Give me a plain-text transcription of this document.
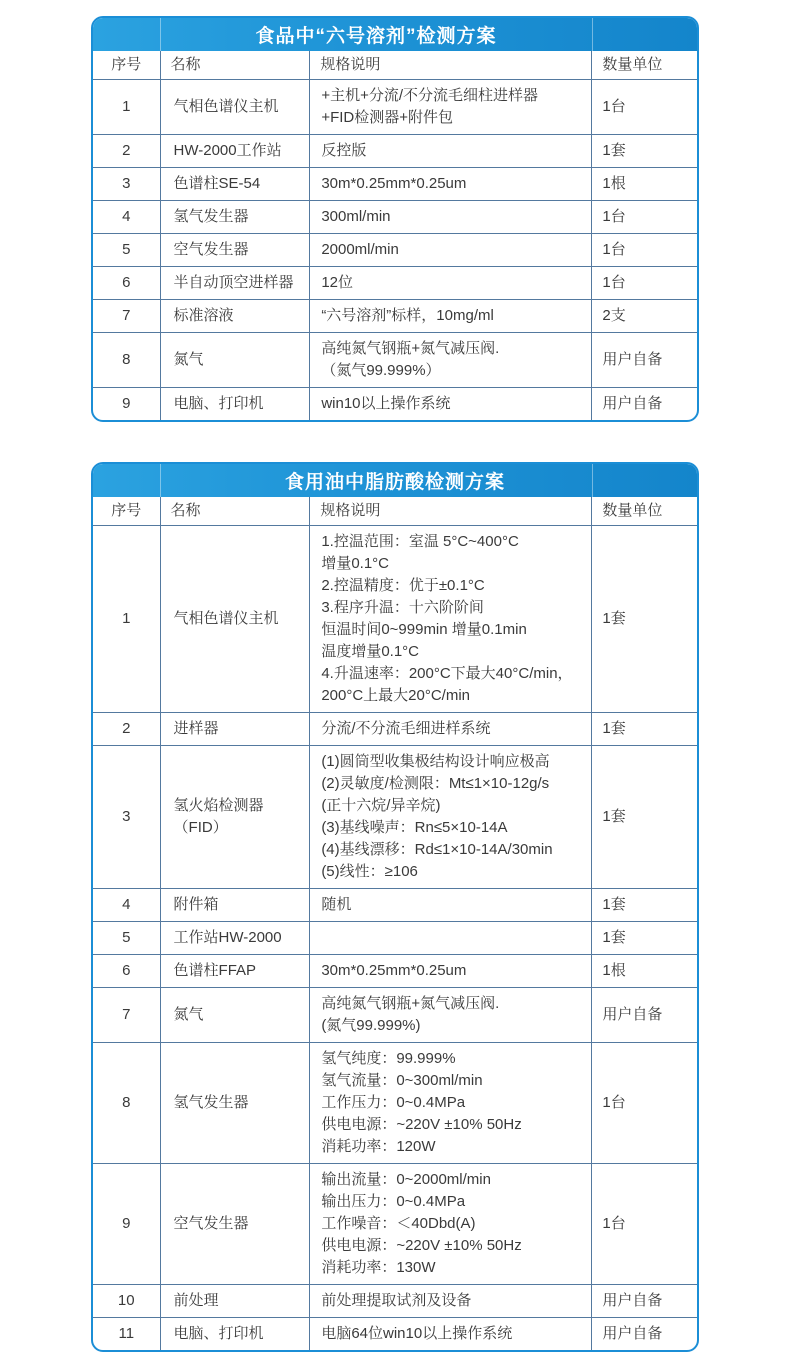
食品中“六号溶剂”检测方案
序号	名称	规格说明	数量单位
1	气相色谱仪主机	+主机+分流/不分流毛细柱进样器
+FID检测器+附件包	1台
2	HW-2000工作站	反控版	1套
3	色谱柱SE-54	30m*0.25mm*0.25um	1根
4	氢气发生器	300ml/min	1台
5	空气发生器	2000ml/min	1台
6	半自动顶空进样器	12位	1台
7	标准溶液	“六号溶剂”标样，10mg/ml	2支
8	氮气	高纯氮气钢瓶+氮气减压阀.
（氮气99.999%）	用户自备
9	电脑、打印机	win10以上操作系统	用户自备
食用油中脂肪酸检测方案
序号	名称	规格说明	数量单位
1	气相色谱仪主机	
1.控温范围：室温 5°C~400°C
增量0.1°C
2.控温精度：优于±0.1°C
3.程序升温：十六阶阶间
恒温时间0~999min 增量0.1min
温度增量0.1°C
4.升温速率：200°C下最大40°C/min，
200°C上最大20°C/min
	1套
2	进样器	分流/不分流毛细进样系统	1套
3	氢火焰检测器（FID）	
(1)圆筒型收集极结构设计响应极高
(2)灵敏度/检测限：Mt≤1×10-12g/s
(正十六烷/异辛烷)
(3)基线噪声：Rn≤5×10-14A
(4)基线漂移：Rd≤1×10-14A/30min
(5)线性：≥106
	1套
4	附件箱	随机	1套
5	工作站HW-2000		1套
6	色谱柱FFAP	30m*0.25mm*0.25um	1根
7	氮气	高纯氮气钢瓶+氮气减压阀.
(氮气99.999%)	用户自备
8	氢气发生器	氢气纯度：99.999%
氢气流量：0~300ml/min
工作压力：0~0.4MPa
供电电源：~220V ±10% 50Hz
消耗功率：120W	1台
9	空气发生器	输出流量：0~2000ml/min
输出压力：0~0.4MPa
工作噪音：＜40Dbd(A)
供电电源：~220V ±10% 50Hz
消耗功率：130W	1台
10	前处理	前处理提取试剂及设备	用户自备
11	电脑、打印机	电脑64位win10以上操作系统	用户自备
